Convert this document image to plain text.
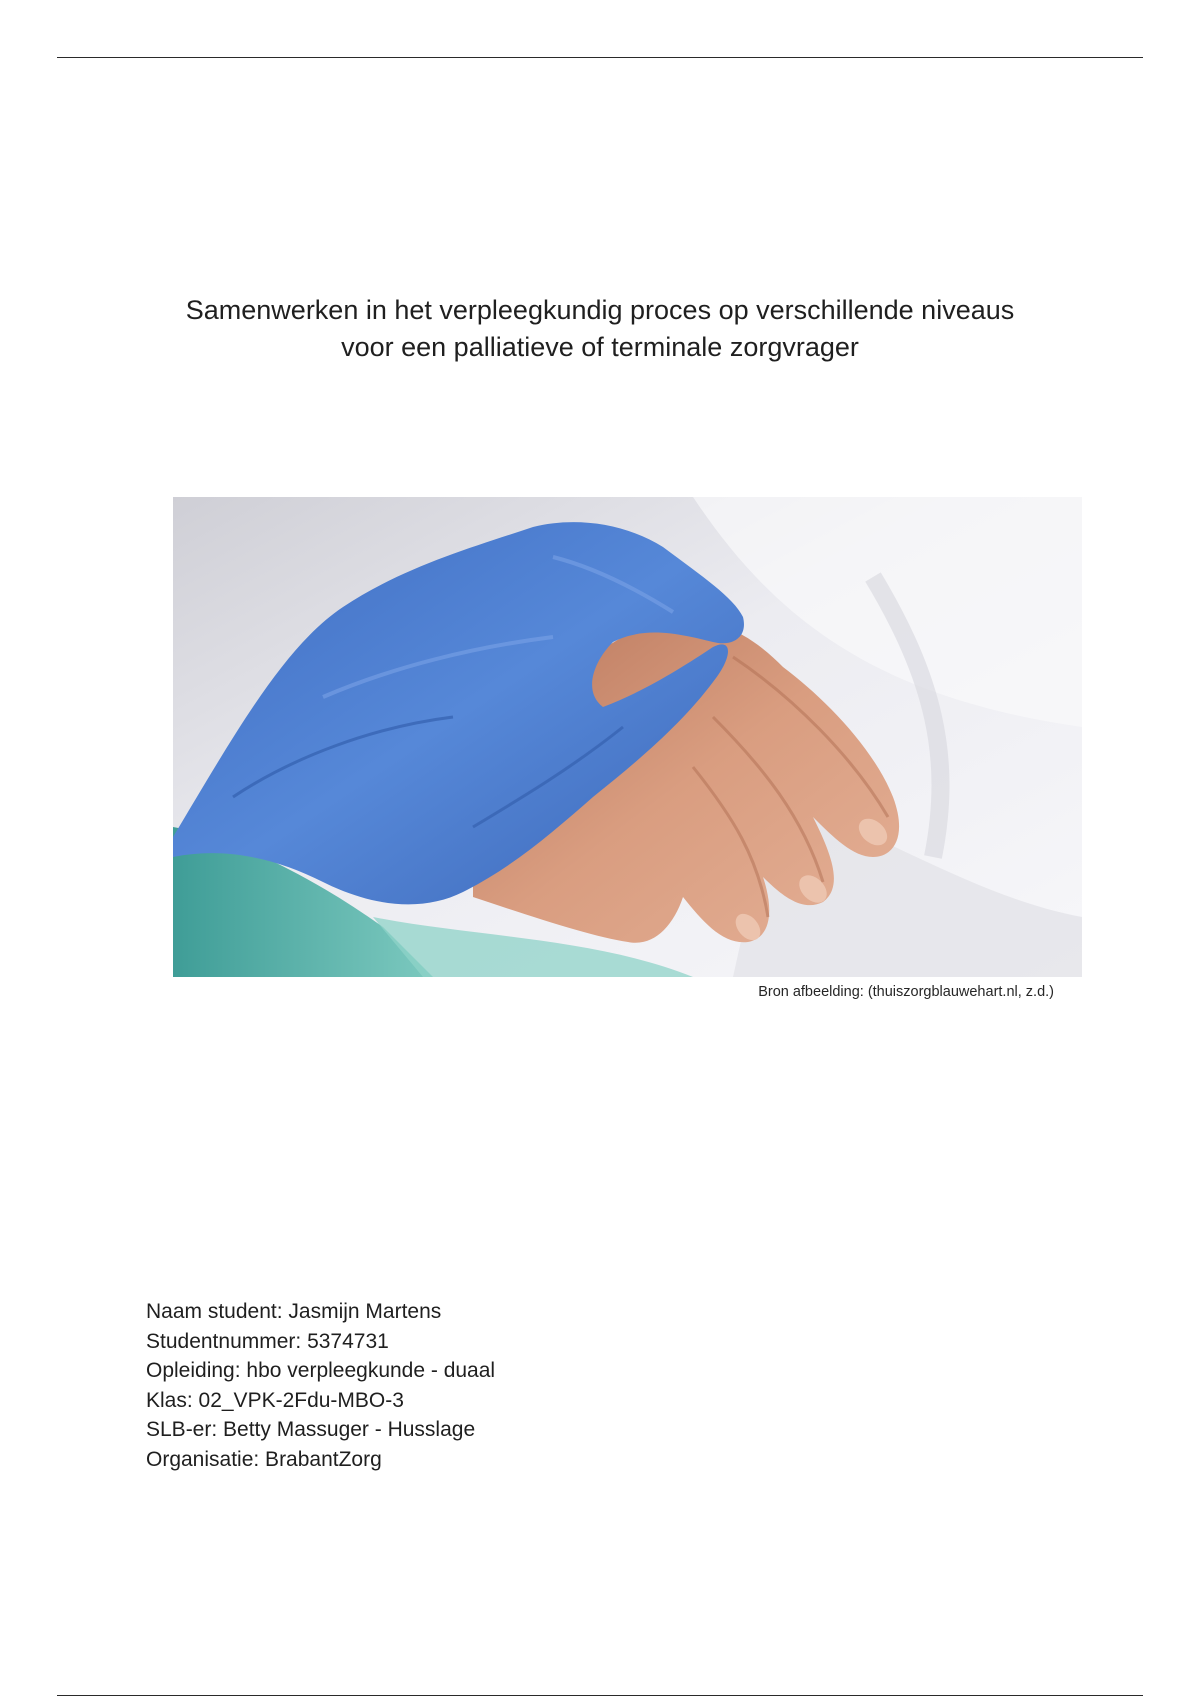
Samenwerken in het verpleegkundig proces op verschillende niveaus
voor een palliatieve of terminale zorgvrager
Bron afbeelding: (thuiszorgblauwehart.nl, z.d.)
Naam student: Jasmijn Martens
Studentnummer: 5374731
Opleiding: hbo verpleegkunde - duaal
Klas: 02_VPK-2Fdu-MBO-3
SLB-er: Betty Massuger - Husslage
Organisatie: BrabantZorg
